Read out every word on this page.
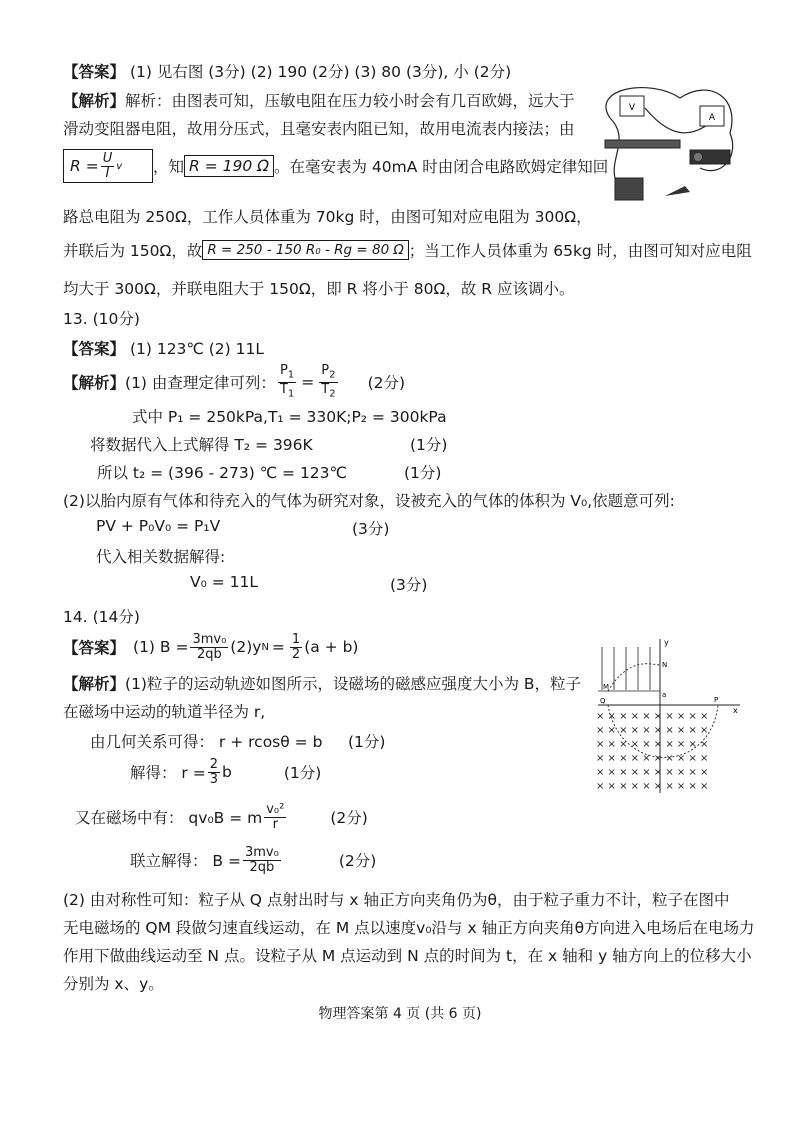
【答案】 (1) 见右图 (3分) (2) 190 (2分) (3) 80 (3分), 小 (2分)
【解析】解析：由图表可知，压敏电阻在压力较小时会有几百欧姆，远大于
滑动变阻器电阻，故用分压式，且毫安表内阻已知，故用电流表内接法；由
$R = \frac{U}{I}$ v ，知 R = 190 Ω 。在毫安表为 40mA 时由闭合电路欧姆定律知回
路总电阻为 250Ω，工作人员体重为 70kg 时，由图可知对应电阻为 300Ω，
并联后为 150Ω，故 R = 250 - 150 R₀ - Rg = 80 Ω ；当工作人员体重为 65kg 时，由图可知对应电阻
均大于 300Ω，并联电阻大于 150Ω，即 R 将小于 80Ω，故 R 应该调小。
V
A
13. (10分)
【答案】 (1) 123℃ (2) 11L
【解析】 (1) 由查理定律可列： $\frac{P_1}{T_1} = \frac{P_2}{T_2} (2$分)
式中 P₁ = 250kPa,T₁ = 330K;P₂ = 300kPa
将数据代入上式解得 T₂ = 396K	(1分)
所以 t₂ = (396 - 273) ℃ = 123℃	(1分)
(2)以胎内原有气体和待充入的气体为研究对象，设被充入的气体的体积为 V₀,依题意可列:
PV + P₀V₀ = P₁V	(3分)
代入相关数据解得:
V₀ = 11L	(3分)
14. (14分)
【答案】 (1) $B = \frac{\text{3mv₀}}{2qb} (2)y$ $N = \frac{1}{2} (a + b)$
【解析】(1)粒子的运动轨迹如图所示，设磁场的磁感应强度大小为 B，粒子
在磁场中运动的轨道半径为 r,
由几何关系可得： r + rcosθ = b (1分)
解得： $r = \frac{2}{3}$ b	(1分)
又在磁场中有： qv₀B = m $\frac{\text{v₀²}}{r}$	(2分)
联立解得： $B = \frac{\text{3mv₀}}{2qb}$	(2分)
(2) 由对称性可知：粒子从 Q 点射出时与 x 轴正方向夹角仍为θ，由于粒子重力不计，粒子在图中
无电磁场的 QM 段做匀速直线运动，在 M 点以速度v₀沿与 x 轴正方向夹角θ方向进入电场后在电场力
作用下做曲线运动至 N 点。设粒子从 M 点运动到 N 点的时间为 t，在 x 轴和 y 轴方向上的位移大小
分别为 x、y。
y
x
N
M
a
P
Q
× × × × × × × × × ×
× × × × × × × × × ×
× × × × × × × × × ×
× × × × × × × × × ×
× × × × × × × × × ×
× × × × × × × × × ×
物理答案第 4 页 (共 6 页)
